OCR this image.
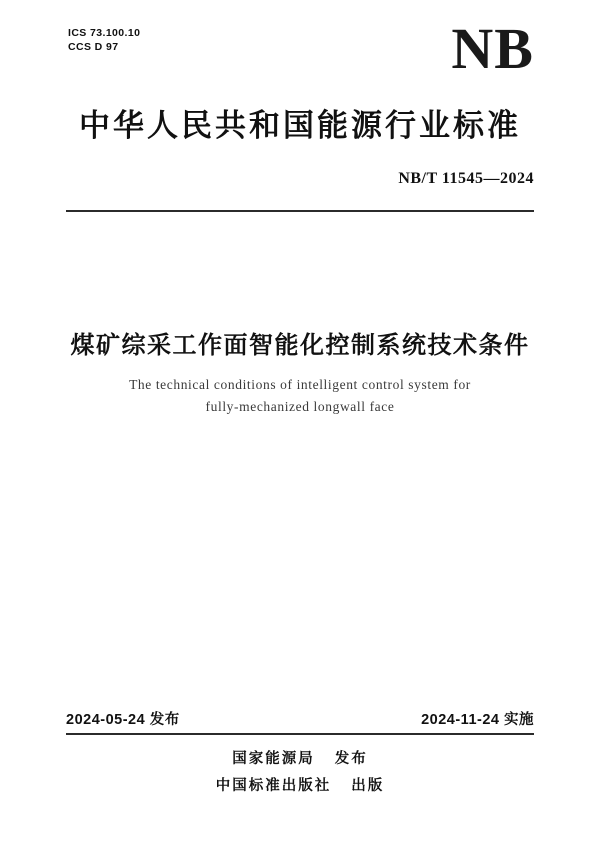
ICS 73.100.10
CCS D 97	NB
中华人民共和国能源行业标准
NB/T 11545—2024
煤矿综采工作面智能化控制系统技术条件
The technical conditions of intelligent control system for
fully-mechanized longwall face
2024-05-24 发布	2024-11-24 实施
国家能源局 发布
中国标准出版社 出版
